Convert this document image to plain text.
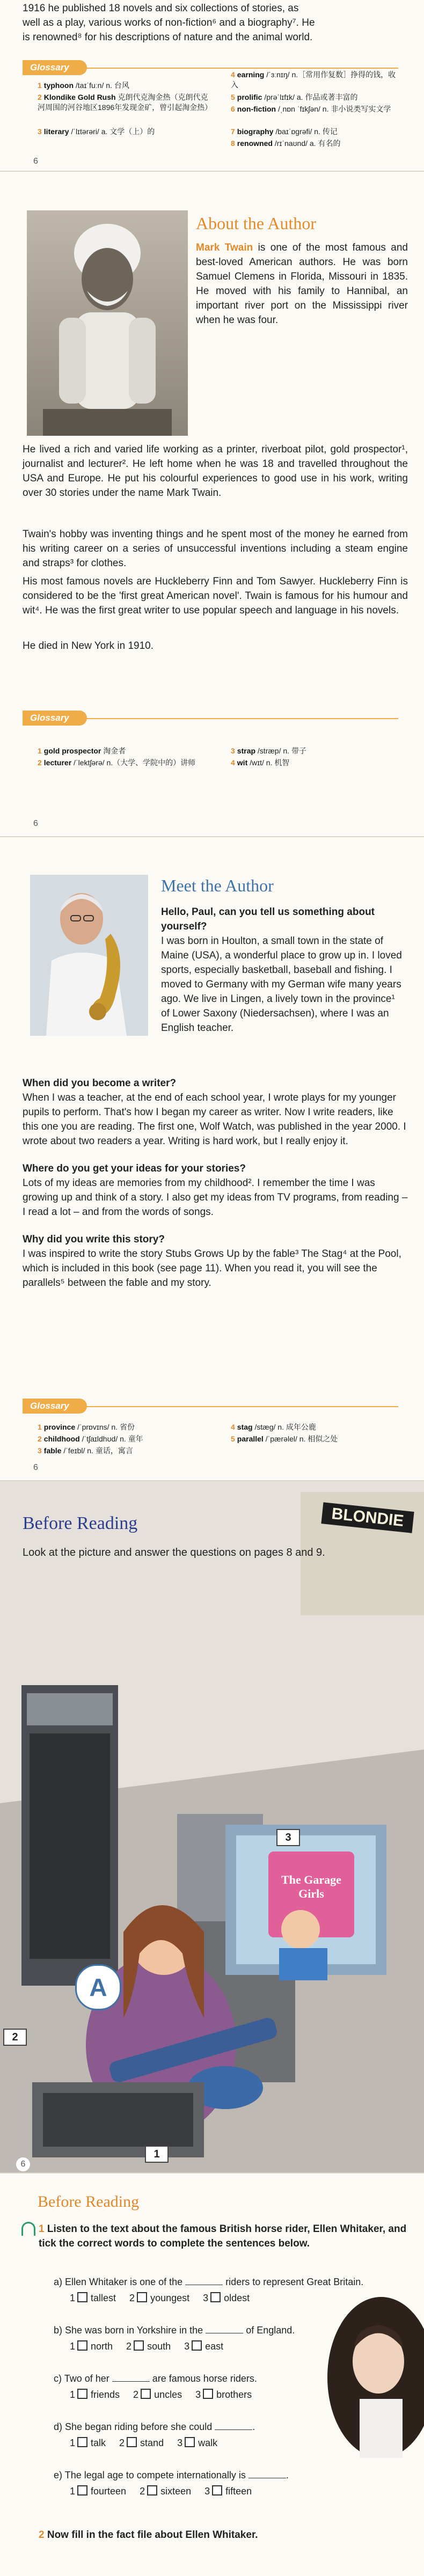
1916 he published 18 novels and six collections of stories, as
well as a play, various works of non-fiction⁶ and a biography⁷. He
is renowned⁸ for his descriptions of nature and the animal world.
Glossary
1 typhoon /taɪˈfuːn/ n. 台风
2 Klondike Gold Rush 克朗代克淘金热（克朗代克河周围的河谷地区1896年发现金矿，曾引起淘金热）
3 literary /ˈlɪtərəri/ a. 文学（上）的
4 earning /ˈɜːnɪŋ/ n.［常用作复数］挣得的钱，收入
5 prolific /prəˈlɪfɪk/ a. 作品或著丰富的
6 non-fiction /ˌnɒn ˈfɪkʃən/ n. 非小说类写实文学
7 biography /baɪˈɒɡrəfi/ n. 传记
8 renowned /rɪˈnaʊnd/ a. 有名的
6
About the Author
Mark Twain is one of the most famous and best-loved American authors. He was born Samuel Clemens in Florida, Missouri in 1835. He moved with his family to Hannibal, an important river port on the Mississippi river when he was four.
He lived a rich and varied life working as a printer, riverboat pilot, gold prospector¹, journalist and lecturer². He left home when he was 18 and travelled throughout the USA and Europe. He put his colourful experiences to good use in his work, writing over 30 stories under the name Mark Twain.
Twain's hobby was inventing things and he spent most of the money he earned from his writing career on a series of unsuccessful inventions including a steam engine and straps³ for clothes.
His most famous novels are Huckleberry Finn and Tom Sawyer. Huckleberry Finn is considered to be the 'first great American novel'. Twain is famous for his humour and wit⁴. He was the first great writer to use popular speech and language in his novels.
He died in New York in 1910.
Glossary
1 gold prospector 淘金者
2 lecturer /ˈlektʃərə/ n.（大学、学院中的）讲师
3 strap /stræp/ n. 带子
4 wit /wɪt/ n. 机智
6
Meet the Author
Hello, Paul, can you tell us something about yourself?
I was born in Houlton, a small town in the state of Maine (USA), a wonderful place to grow up in. I loved sports, especially basketball, baseball and fishing. I moved to Germany with my German wife many years ago. We live in Lingen, a lively town in the province¹ of Lower Saxony (Niedersachsen), where I was an English teacher.
When did you become a writer?
When I was a teacher, at the end of each school year, I wrote plays for my younger pupils to perform. That's how I began my career as writer. Now I write readers, like this one you are reading. The first one, Wolf Watch, was published in the year 2000. I wrote about two readers a year. Writing is hard work, but I really enjoy it.
Where do you get your ideas for your stories?
Lots of my ideas are memories from my childhood². I remember the time I was growing up and think of a story. I also get my ideas from TV programs, from reading – I read a lot – and from the words of songs.
Why did you write this story?
I was inspired to write the story Stubs Grows Up by the fable³ The Stag⁴ at the Pool, which is included in this book (see page 11). When you read it, you will see the parallels⁵ between the fable and my story.
Glossary
1 province /ˈprɒvɪns/ n. 省份
2 childhood /ˈtʃaɪldhʊd/ n. 童年
3 fable /ˈfeɪbl/ n. 童话，寓言
4 stag /stæɡ/ n. 成年公鹿
5 parallel /ˈpærəlel/ n. 相似之处
6
BLONDIE
The Garage Girls
Before Reading
Look at the picture and answer the questions on pages 8 and 9.
A
2
1
3
6
Before Reading
1 Listen to the text about the famous British horse rider, Ellen Whitaker, and tick the correct words to complete the sentences below.
a) Ellen Whitaker is one of the	riders to represent Great Britain.
1 tallest     2 youngest     3 oldest
b) She was born in Yorkshire in the	of England.
1 north     2 south     3 east
c) Two of her	are famous horse riders.
1 friends     2 uncles     3 brothers
d) She began riding before she could	.
1 talk     2 stand     3 walk
e) The legal age to compete internationally is	.
1 fourteen     2 sixteen     3 fifteen
2 Now fill in the fact file about Ellen Whitaker.
